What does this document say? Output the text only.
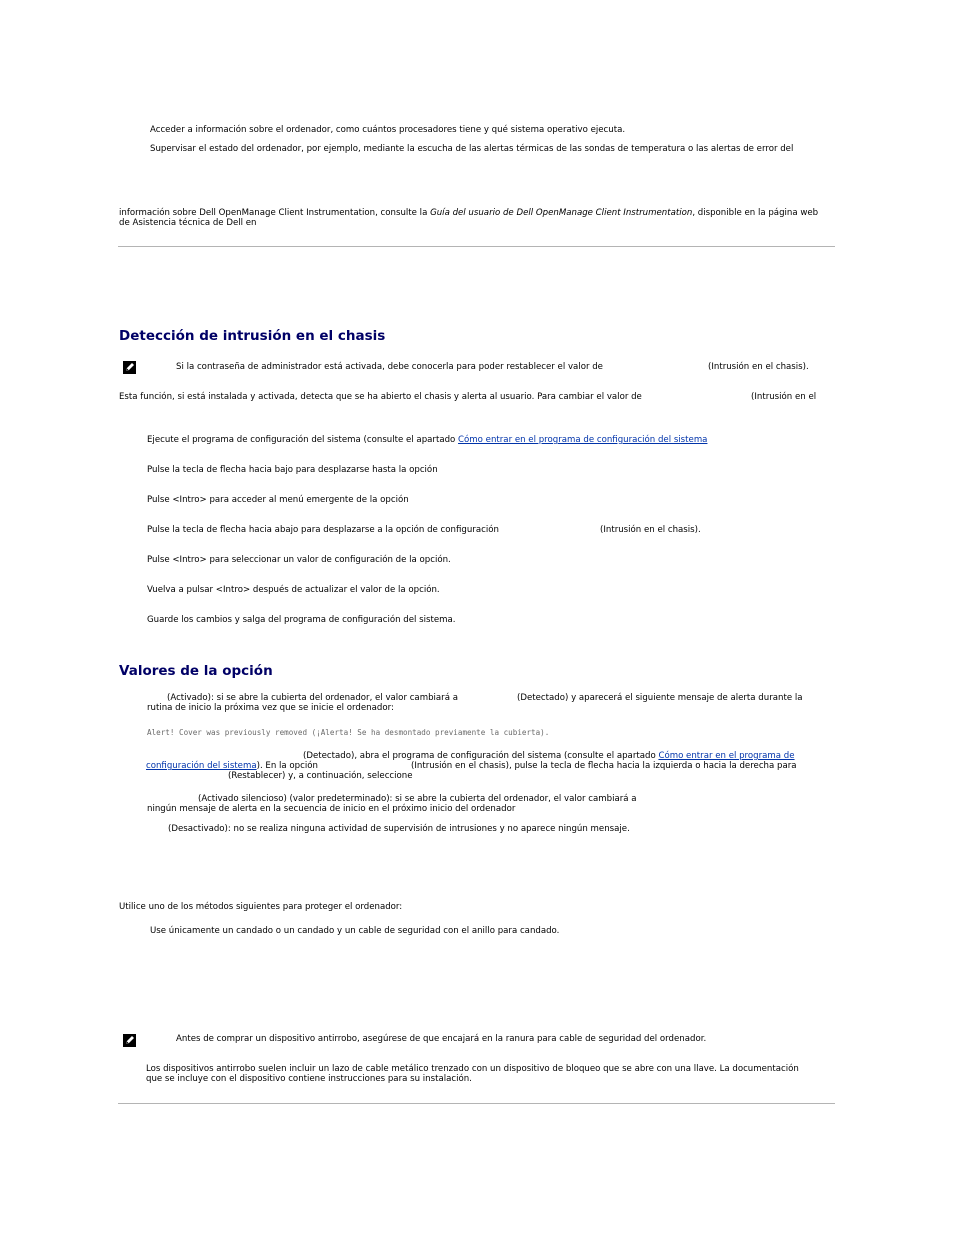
Acceder a información sobre el ordenador, como cuántos procesadores tiene y qué sistema operativo ejecuta.
Supervisar el estado del ordenador, por ejemplo, mediante la escucha de las alertas térmicas de las sondas de temperatura o las alertas de error del
información sobre Dell OpenManage Client Instrumentation, consulte la Guía del usuario de Dell OpenManage Client Instrumentation, disponible en la página web
de Asistencia técnica de Dell en
Detección de intrusión en el chasis
Si la contraseña de administrador está activada, debe conocerla para poder restablecer el valor de	(Intrusión en el chasis).
Esta función, si está instalada y activada, detecta que se ha abierto el chasis y alerta al usuario. Para cambiar el valor de	(Intrusión en el
Ejecute el programa de configuración del sistema (consulte el apartado Cómo entrar en el programa de configuración del sistema
Pulse la tecla de flecha hacia bajo para desplazarse hasta la opción
Pulse <Intro> para acceder al menú emergente de la opción
Pulse la tecla de flecha hacia abajo para desplazarse a la opción de configuración	(Intrusión en el chasis).
Pulse <Intro> para seleccionar un valor de configuración de la opción.
Vuelva a pulsar <Intro> después de actualizar el valor de la opción.
Guarde los cambios y salga del programa de configuración del sistema.
Valores de la opción
(Activado): si se abre la cubierta del ordenador, el valor cambiará a	(Detectado) y aparecerá el siguiente mensaje de alerta durante la
rutina de inicio la próxima vez que se inicie el ordenador:
Alert! Cover was previously removed (¡Alerta! Se ha desmontado previamente la cubierta).
(Detectado), abra el programa de configuración del sistema (consulte el apartado Cómo entrar en el programa de
configuración del sistema). En la opción	(Intrusión en el chasis), pulse la tecla de flecha hacia la izquierda o hacia la derecha para
(Restablecer) y, a continuación, seleccione
(Activado silencioso) (valor predeterminado): si se abre la cubierta del ordenador, el valor cambiará a
ningún mensaje de alerta en la secuencia de inicio en el próximo inicio del ordenador
(Desactivado): no se realiza ninguna actividad de supervisión de intrusiones y no aparece ningún mensaje.
Utilice uno de los métodos siguientes para proteger el ordenador:
Use únicamente un candado o un candado y un cable de seguridad con el anillo para candado.
Antes de comprar un dispositivo antirrobo, asegúrese de que encajará en la ranura para cable de seguridad del ordenador.
Los dispositivos antirrobo suelen incluir un lazo de cable metálico trenzado con un dispositivo de bloqueo que se abre con una llave. La documentación
que se incluye con el dispositivo contiene instrucciones para su instalación.
